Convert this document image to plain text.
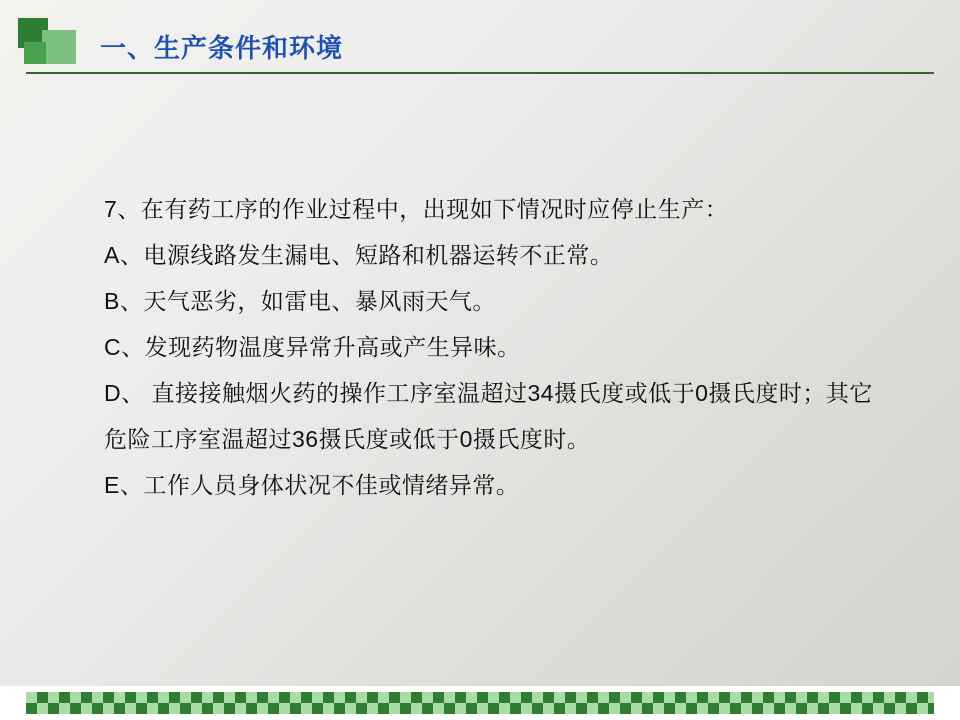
一、生产条件和环境
7、在有药工序的作业过程中，出现如下情况时应停止生产：
A、电源线路发生漏电、短路和机器运转不正常。
B、天气恶劣，如雷电、暴风雨天气。
C、发现药物温度异常升高或产生异味。
D、 直接接触烟火药的操作工序室温超过34摄氏度或低于0摄氏度时；其它危险工序室温超过36摄氏度或低于0摄氏度时。
E、工作人员身体状况不佳或情绪异常。
